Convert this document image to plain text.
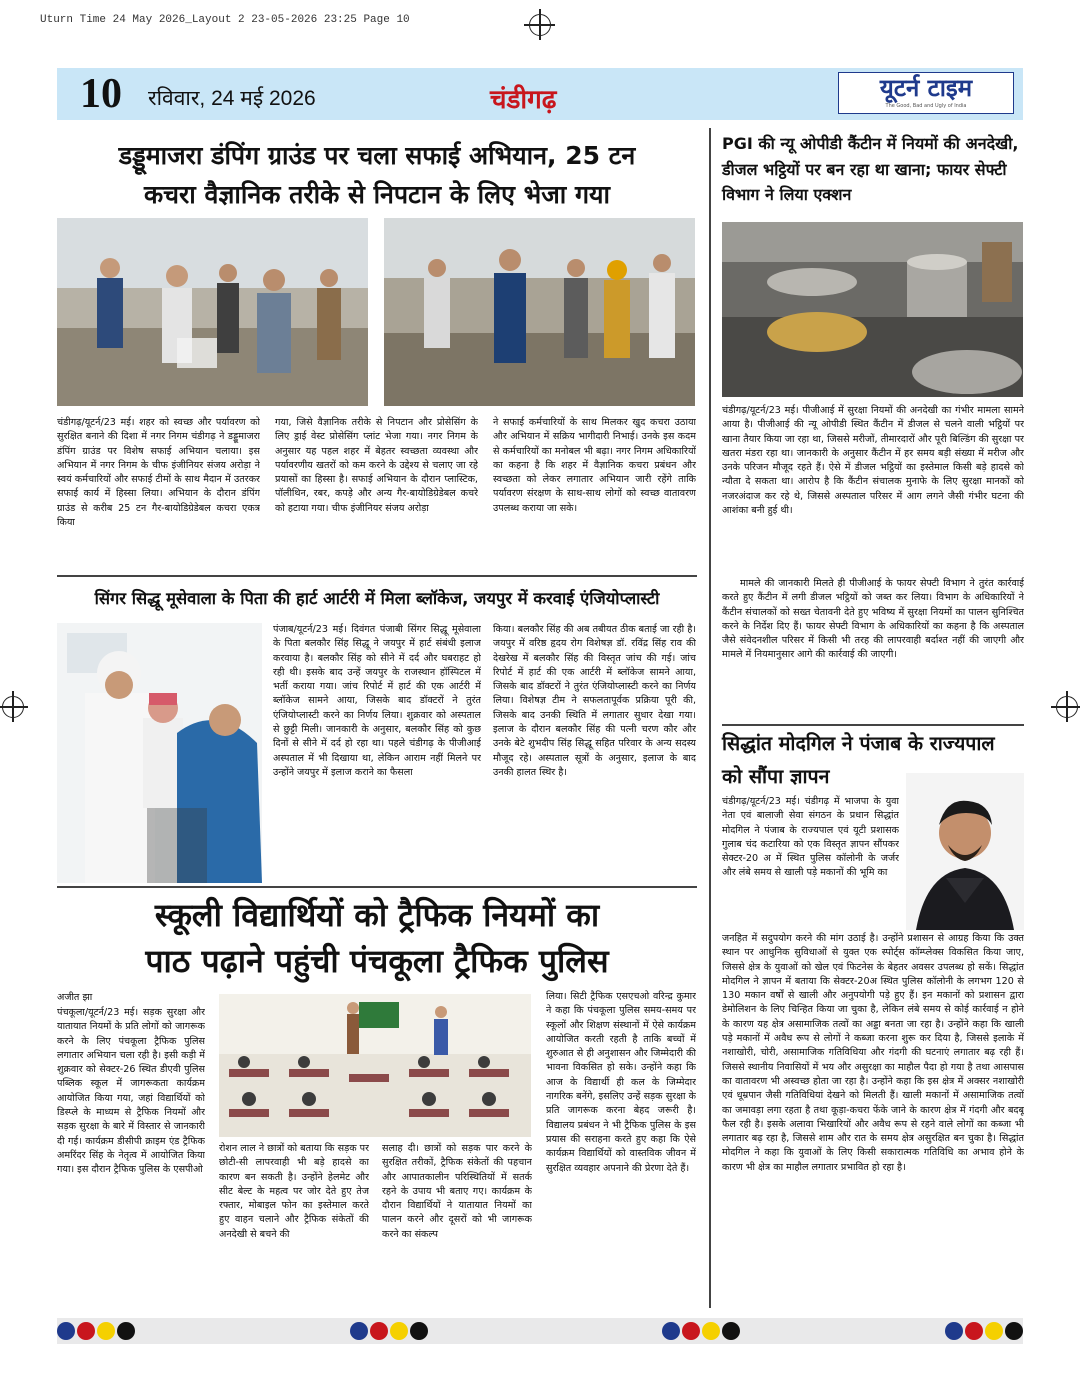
Uturn Time 24 May 2026_Layout 2 23-05-2026 23:25 Page 10
10 रविवार, 24 मई 2026	चंडीगढ़	यूटर्न टाइम
The Good, Bad and Ugly of India
डड्डूमाजरा डंपिंग ग्राउंड पर चला सफाई अभियान, 25 टन
कचरा वैज्ञानिक तरीके से निपटान के लिए भेजा गया
चंडीगढ़/यूटर्न/23 मई। शहर को स्वच्छ और पर्यावरण को सुरक्षित बनाने की दिशा में नगर निगम चंडीगढ़ ने डड्डूमाजरा डंपिंग ग्राउंड पर विशेष सफाई अभियान चलाया। इस अभियान में नगर निगम के चीफ इंजीनियर संजय अरोड़ा ने स्वयं कर्मचारियों और सफाई टीमों के साथ मैदान में उतरकर सफाई कार्य में हिस्सा लिया। अभियान के दौरान डंपिंग ग्राउंड से करीब 25 टन गैर-बायोडिग्रेडेबल कचरा एकत्र किया
गया, जिसे वैज्ञानिक तरीके से निपटान और प्रोसेसिंग के लिए ड्राई वेस्ट प्रोसेसिंग प्लांट भेजा गया। नगर निगम के अनुसार यह पहल शहर में बेहतर स्वच्छता व्यवस्था और पर्यावरणीय खतरों को कम करने के उद्देश्य से चलाए जा रहे प्रयासों का हिस्सा है। सफाई अभियान के दौरान प्लास्टिक, पॉलीथिन, रबर, कपड़े और अन्य गैर-बायोडिग्रेडेबल कचरे को हटाया गया। चीफ इंजीनियर संजय अरोड़ा
ने सफाई कर्मचारियों के साथ मिलकर खुद कचरा उठाया और अभियान में सक्रिय भागीदारी निभाई। उनके इस कदम से कर्मचारियों का मनोबल भी बढ़ा। नगर निगम अधिकारियों का कहना है कि शहर में वैज्ञानिक कचरा प्रबंधन और स्वच्छता को लेकर लगातार अभियान जारी रहेंगे ताकि पर्यावरण संरक्षण के साथ-साथ लोगों को स्वच्छ वातावरण उपलब्ध कराया जा सके।
सिंगर सिद्धू मूसेवाला के पिता की हार्ट आर्टरी में मिला ब्लॉकेज, जयपुर में करवाई एंजियोप्लास्टी
पंजाब/यूटर्न/23 मई। दिवंगत पंजाबी सिंगर सिद्धू मूसेवाला के पिता बलकौर सिंह सिद्धू ने जयपुर में हार्ट संबंधी इलाज करवाया है। बलकौर सिंह को सीने में दर्द और घबराहट हो रही थी। इसके बाद उन्हें जयपुर के राजस्थान हॉस्पिटल में भर्ती कराया गया। जांच रिपोर्ट में हार्ट की एक आर्टरी में ब्लॉकेज सामने आया, जिसके बाद डॉक्टरों ने तुरंत एंजियोप्लास्टी करने का निर्णय लिया। शुक्रवार को अस्पताल से छुट्टी मिली। जानकारी के अनुसार, बलकौर सिंह को कुछ दिनों से सीने में दर्द हो रहा था। पहले चंडीगढ़ के पीजीआई अस्पताल में भी दिखाया था, लेकिन आराम नहीं मिलने पर उन्होंने जयपुर में इलाज कराने का फैसला
किया। बलकौर सिंह की अब तबीयत ठीक बताई जा रही है। जयपुर में वरिष्ठ हृदय रोग विशेषज्ञ डॉ. रविंद्र सिंह राव की देखरेख में बलकौर सिंह की विस्तृत जांच की गई। जांच रिपोर्ट में हार्ट की एक आर्टरी में ब्लॉकेज सामने आया, जिसके बाद डॉक्टरों ने तुरंत एंजियोप्लास्टी करने का निर्णय लिया। विशेषज्ञ टीम ने सफलतापूर्वक प्रक्रिया पूरी की, जिसके बाद उनकी स्थिति में लगातार सुधार देखा गया। इलाज के दौरान बलकौर सिंह की पत्नी चरण कौर और उनके बेटे शुभदीप सिंह सिद्धू सहित परिवार के अन्य सदस्य मौजूद रहे। अस्पताल सूत्रों के अनुसार, इलाज के बाद उनकी हालत स्थिर है।
स्कूली विद्यार्थियों को ट्रैफिक नियमों का
पाठ पढ़ाने पहुंची पंचकूला ट्रैफिक पुलिस
अजीत झा
पंचकूला/यूटर्न/23 मई। सड़क सुरक्षा और यातायात नियमों के प्रति लोगों को जागरूक करने के लिए पंचकूला ट्रैफिक पुलिस लगातार अभियान चला रही है। इसी कड़ी में शुक्रवार को सेक्टर-26 स्थित डीएवी पुलिस पब्लिक स्कूल में जागरूकता कार्यक्रम आयोजित किया गया, जहां विद्यार्थियों को डिस्प्ले के माध्यम से ट्रैफिक नियमों और सड़क सुरक्षा के बारे में विस्तार से जानकारी दी गई। कार्यक्रम डीसीपी क्राइम एंड ट्रैफिक अमरिंदर सिंह के नेतृत्व में आयोजित किया गया। इस दौरान ट्रैफिक पुलिस के एसपीओ
रोशन लाल ने छात्रों को बताया कि सड़क पर छोटी-सी लापरवाही भी बड़े हादसे का कारण बन सकती है। उन्होंने हेलमेट और सीट बेल्ट के महत्व पर जोर देते हुए तेज रफ्तार, मोबाइल फोन का इस्तेमाल करते हुए वाहन चलाने और ट्रैफिक संकेतों की अनदेखी से बचने की
सलाह दी। छात्रों को सड़क पार करने के सुरक्षित तरीकों, ट्रैफिक संकेतों की पहचान और आपातकालीन परिस्थितियों में सतर्क रहने के उपाय भी बताए गए। कार्यक्रम के दौरान विद्यार्थियों ने यातायात नियमों का पालन करने और दूसरों को भी जागरूक करने का संकल्प
लिया। सिटी ट्रैफिक एसएचओ वरिन्द्र कुमार ने कहा कि पंचकूला पुलिस समय-समय पर स्कूलों और शिक्षण संस्थानों में ऐसे कार्यक्रम आयोजित करती रहती है ताकि बच्चों में शुरुआत से ही अनुशासन और जिम्मेदारी की भावना विकसित हो सके। उन्होंने कहा कि आज के विद्यार्थी ही कल के जिम्मेदार नागरिक बनेंगे, इसलिए उन्हें सड़क सुरक्षा के प्रति जागरूक करना बेहद जरूरी है। विद्यालय प्रबंधन ने भी ट्रैफिक पुलिस के इस प्रयास की सराहना करते हुए कहा कि ऐसे कार्यक्रम विद्यार्थियों को वास्तविक जीवन में सुरक्षित व्यवहार अपनाने की प्रेरणा देते हैं।
PGI की न्यू ओपीडी कैंटीन में नियमों की अनदेखी, डीजल भट्ठियों पर बन रहा था खाना; फायर सेफ्टी विभाग ने लिया एक्शन
चंडीगढ़/यूटर्न/23 मई। पीजीआई में सुरक्षा नियमों की अनदेखी का गंभीर मामला सामने आया है। पीजीआई की न्यू ओपीडी स्थित कैंटीन में डीजल से चलने वाली भट्ठियों पर खाना तैयार किया जा रहा था, जिससे मरीजों, तीमारदारों और पूरी बिल्डिंग की सुरक्षा पर खतरा मंडरा रहा था। जानकारी के अनुसार कैंटीन में हर समय बड़ी संख्या में मरीज और उनके परिजन मौजूद रहते हैं। ऐसे में डीजल भट्ठियों का इस्तेमाल किसी बड़े हादसे को न्यौता दे सकता था। आरोप है कि कैंटीन संचालक मुनाफे के लिए सुरक्षा मानकों को नजरअंदाज कर रहे थे, जिससे अस्पताल परिसर में आग लगने जैसी गंभीर घटना की आशंका बनी हुई थी।
मामले की जानकारी मिलते ही पीजीआई के फायर सेफ्टी विभाग ने तुरंत कार्रवाई करते हुए कैंटीन में लगी डीजल भट्ठियों को जब्त कर लिया। विभाग के अधिकारियों ने कैंटीन संचालकों को सख्त चेतावनी देते हुए भविष्य में सुरक्षा नियमों का पालन सुनिश्चित करने के निर्देश दिए हैं। फायर सेफ्टी विभाग के अधिकारियों का कहना है कि अस्पताल जैसे संवेदनशील परिसर में किसी भी तरह की लापरवाही बर्दाश्त नहीं की जाएगी और मामले में नियमानुसार आगे की कार्रवाई की जाएगी।
सिद्धांत मोदगिल ने पंजाब के राज्यपाल
को सौंपा ज्ञापन
चंडीगढ़/यूटर्न/23 मई। चंडीगढ़ में भाजपा के युवा नेता एवं बालाजी सेवा संगठन के प्रधान सिद्धांत मोदगिल ने पंजाब के राज्यपाल एवं यूटी प्रशासक गुलाब चंद कटारिया को एक विस्तृत ज्ञापन सौंपकर सेक्टर-20 अ में स्थित पुलिस कॉलोनी के जर्जर और लंबे समय से खाली पड़े मकानों की भूमि का
जनहित में सदुपयोग करने की मांग उठाई है। उन्होंने प्रशासन से आग्रह किया कि उक्त स्थान पर आधुनिक सुविधाओं से युक्त एक स्पोर्ट्स कॉम्प्लेक्स विकसित किया जाए, जिससे क्षेत्र के युवाओं को खेल एवं फिटनेस के बेहतर अवसर उपलब्ध हो सकें। सिद्धांत मोदगिल ने ज्ञापन में बताया कि सेक्टर-20अ स्थित पुलिस कॉलोनी के लगभग 120 से 130 मकान वर्षों से खाली और अनुपयोगी पड़े हुए हैं। इन मकानों को प्रशासन द्वारा डेमोलिशन के लिए चिन्हित किया जा चुका है, लेकिन लंबे समय से कोई कार्रवाई न होने के कारण यह क्षेत्र असामाजिक तत्वों का अड्डा बनता जा रहा है। उन्होंने कहा कि खाली पड़े मकानों में अवैध रूप से लोगों ने कब्जा करना शुरू कर दिया है, जिससे इलाके में नशाखोरी, चोरी, असामाजिक गतिविधिया और गंदगी की घटनाएं लगातार बढ़ रही हैं। जिससे स्थानीय निवासियों में भय और असुरक्षा का माहौल पैदा हो गया है तथा आसपास का वातावरण भी अस्वच्छ होता जा रहा है। उन्होंने कहा कि इस क्षेत्र में अक्सर नशाखोरी एवं धूम्रपान जैसी गतिविधियां देखने को मिलती हैं। खाली मकानों में असामाजिक तत्वों का जमावड़ा लगा रहता है तथा कूड़ा-कचरा फेंके जाने के कारण क्षेत्र में गंदगी और बदबू फैल रही है। इसके अलावा भिखारियों और अवैध रूप से रहने वाले लोगों का कब्जा भी लगातार बढ़ रहा है, जिससे शाम और रात के समय क्षेत्र असुरक्षित बन चुका है। सिद्धांत मोदगिल ने कहा कि युवाओं के लिए किसी सकारात्मक गतिविधि का अभाव होने के कारण भी क्षेत्र का माहौल लगातार प्रभावित हो रहा है।
